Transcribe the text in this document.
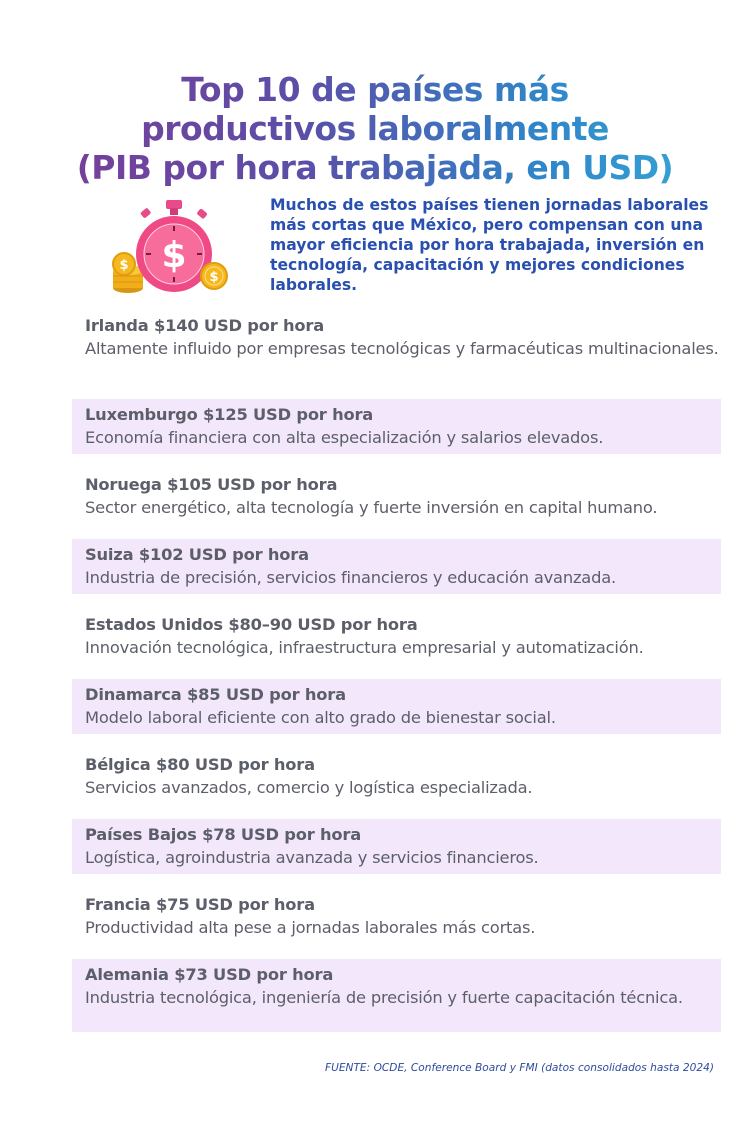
Top 10 de países más
productivos laboralmente
(PIB por hora trabajada, en USD)
$ $
$

Muchos de estos países tienen jornadas laborales más cortas que México, pero compensan con una mayor eficiencia por hora trabajada, inversión en tecnología, capacitación y mejores condiciones laborales.

Irlanda $140 USD por hora
Altamente influido por empresas tecnológicas y farmacéuticas multinacionales.
Luxemburgo $125 USD por hora
Economía financiera con alta especialización y salarios elevados.
Noruega $105 USD por hora
Sector energético, alta tecnología y fuerte inversión en capital humano.
Suiza $102 USD por hora
Industria de precisión, servicios financieros y educación avanzada.
Estados Unidos $80–90 USD por hora
Innovación tecnológica, infraestructura empresarial y automatización.
Dinamarca $85 USD por hora
Modelo laboral eficiente con alto grado de bienestar social.
Bélgica $80 USD por hora
Servicios avanzados, comercio y logística especializada.
Países Bajos $78 USD por hora
Logística, agroindustria avanzada y servicios financieros.
Francia $75 USD por hora
Productividad alta pese a jornadas laborales más cortas.
Alemania $73 USD por hora
Industria tecnológica, ingeniería de precisión y fuerte capacitación técnica.
FUENTE: OCDE, Conference Board y FMI (datos consolidados hasta 2024)
